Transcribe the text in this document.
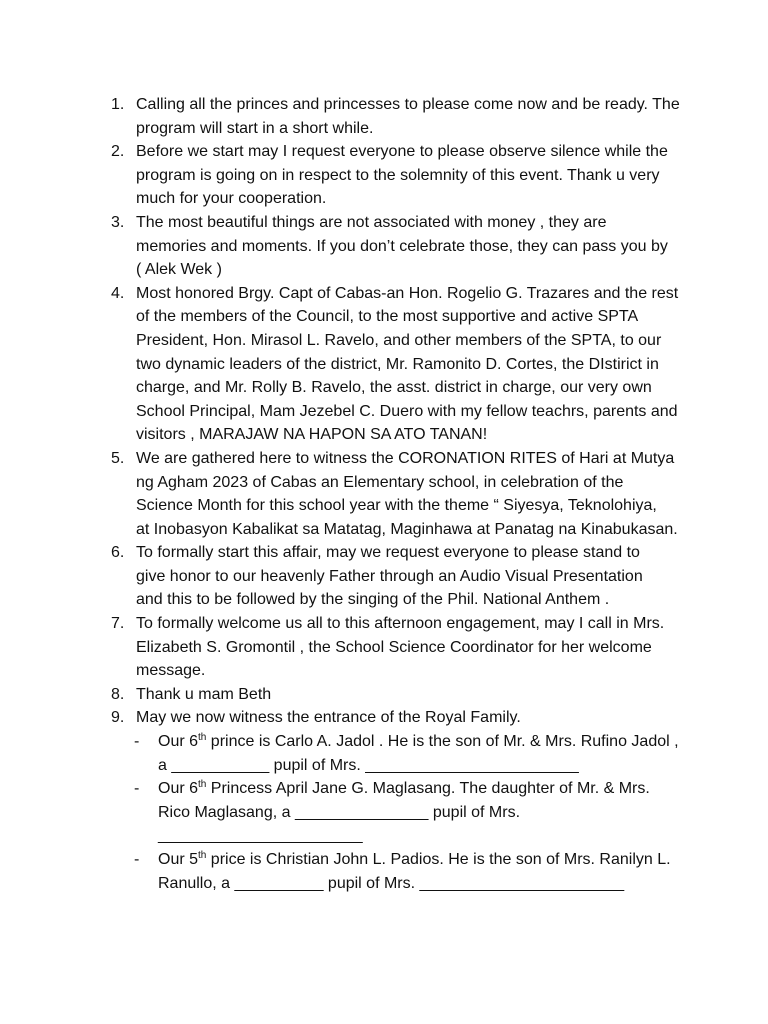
1. Calling all the princes and princesses to please come now and be ready. The
program will start in a short while.
2. Before we start may I request everyone to please observe silence while the
program is going on in respect to the solemnity of this event. Thank u very
much for your cooperation.
3. The most beautiful things are not associated with money , they are
memories and moments. If you don’t celebrate those, they can pass you by
( Alek Wek )
4. Most honored Brgy. Capt of Cabas-an Hon. Rogelio G. Trazares and the rest
of the members of the Council, to the most supportive and active SPTA
President, Hon. Mirasol L. Ravelo, and other members of the SPTA, to our
two dynamic leaders of the district, Mr. Ramonito D. Cortes, the DIstirict in
charge, and Mr. Rolly B. Ravelo, the asst. district in charge, our very own
School Principal, Mam Jezebel C. Duero with my fellow teachrs, parents and
visitors , MARAJAW NA HAPON SA ATO TANAN!
5. We are gathered here to witness the CORONATION RITES of Hari at Mutya
ng Agham 2023 of Cabas an Elementary school, in celebration of the
Science Month for this school year with the theme “ Siyesya, Teknolohiya,
at Inobasyon Kabalikat sa Matatag, Maginhawa at Panatag na Kinabukasan.
6. To formally start this affair, may we request everyone to please stand to
give honor to our heavenly Father through an Audio Visual Presentation
and this to be followed by the singing of the Phil. National Anthem .
7. To formally welcome us all to this afternoon engagement, may I call in Mrs.
Elizabeth S. Gromontil , the School Science Coordinator for her welcome
message.
8. Thank u mam Beth
9. May we now witness the entrance of the Royal Family.
- Our 6th prince is Carlo A. Jadol . He is the son of Mr. & Mrs. Rufino Jadol ,
a ___________ pupil of Mrs. ________________________
- Our 6th Princess April Jane G. Maglasang. The daughter of Mr. & Mrs.
Rico Maglasang, a _______________ pupil of Mrs.
_______________________
- Our 5th price is Christian John L. Padios. He is the son of Mrs. Ranilyn L.
Ranullo, a __________ pupil of Mrs. _______________________
